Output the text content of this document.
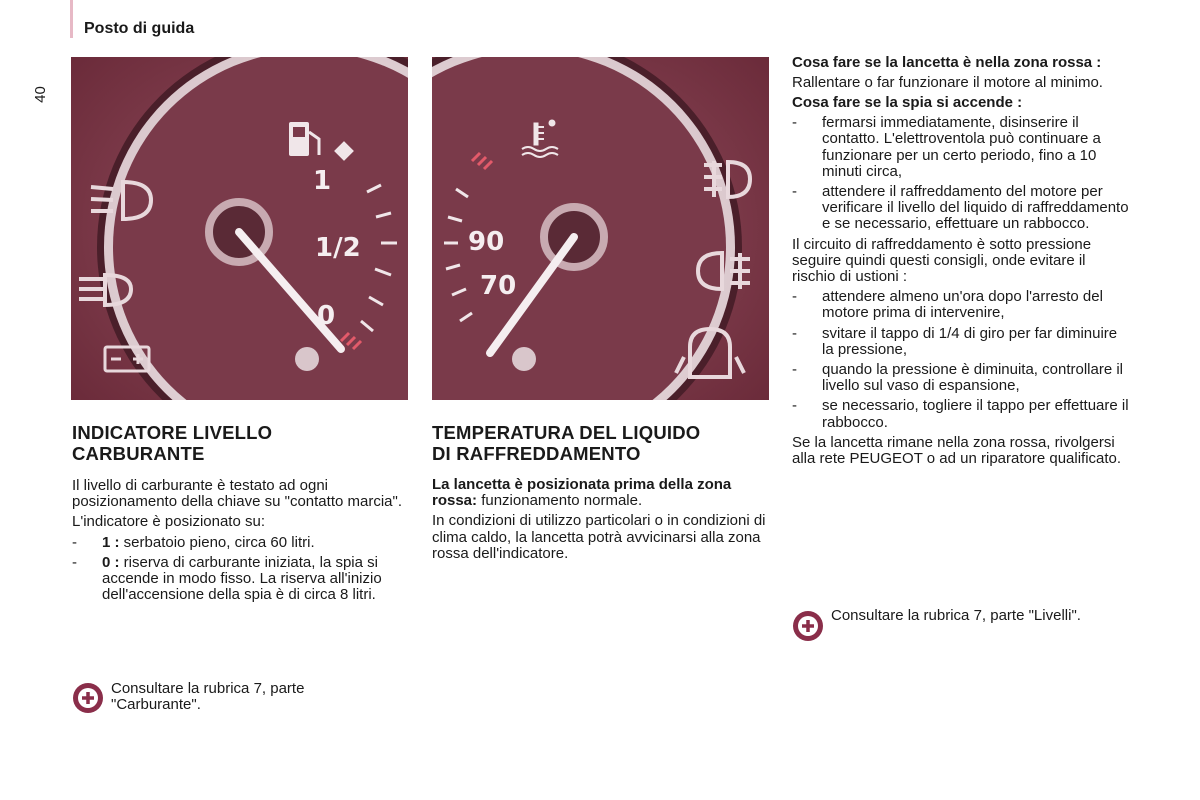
Posto di guida
40
1
1/2
0
90
70
INDICATORE LIVELLO
CARBURANTE

Il livello di carburante è testato ad ogni posizionamento della chiave su "contatto marcia".

L'indicatore è posizionato su:

- 1 : serbatoio pieno, circa 60 litri.
- 0 : riserva di carburante iniziata, la spia si accende in modo fisso. La riserva all'inizio dell'accensione della spia è di circa 8 litri.
Consultare la rubrica 7, parte "Carburante".
TEMPERATURA DEL LIQUIDO
DI RAFFREDDAMENTO

La lancetta è posizionata prima della zona rossa: funzionamento normale.

In condizioni di utilizzo particolari o in condizioni di clima caldo, la lancetta potrà avvicinarsi alla zona rossa dell'indicatore.

Cosa fare se la lancetta è nella zona rossa :

Rallentare o far funzionare il motore al minimo.

Cosa fare se la spia si accende :
- fermarsi immediatamente, disinserire il contatto. L'elettroventola può continuare a funzionare per un certo periodo, fino a 10 minuti circa,
- attendere il raffreddamento del motore per verificare il livello del liquido di raffreddamento e se necessario, effettuare un rabbocco.

Il circuito di raffreddamento è sotto pressione seguire quindi questi consigli, onde evitare il rischio di ustioni :

- attendere almeno un'ora dopo l'arresto del motore prima di intervenire,
- svitare il tappo di 1/4 di giro per far diminuire la pressione,
- quando la pressione è diminuita, controllare il livello sul vaso di espansione,
- se necessario, togliere il tappo per effettuare il rabbocco.

Se la lancetta rimane nella zona rossa, rivolgersi alla rete PEUGEOT o ad un riparatore qualificato.

Consultare la rubrica 7, parte "Livelli".
